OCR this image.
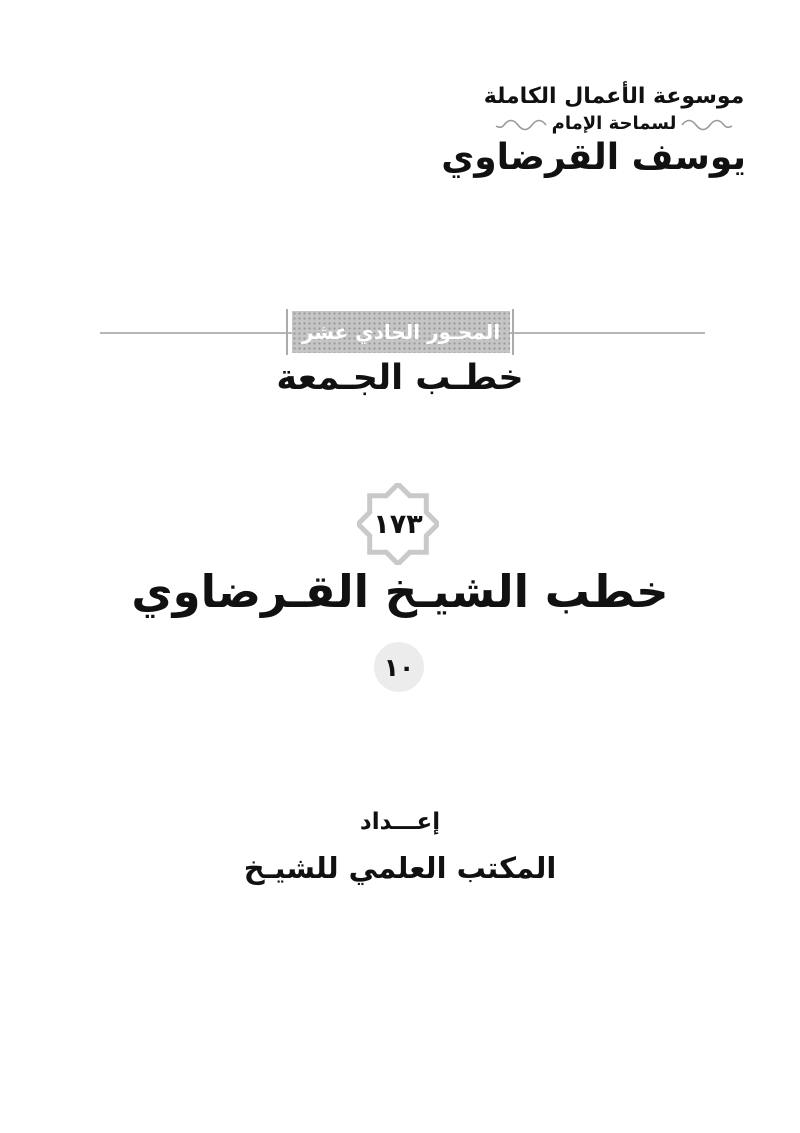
موسوعة الأعمال الكاملة
لسماحة الإمام
يوسف القرضاوي
المحـور الحادي عشر
خطـب الجـمعة
١٧٣
خطب الشيـخ القـرضاوي
١٠
إعـــداد
المكتب العلمي للشيـخ
